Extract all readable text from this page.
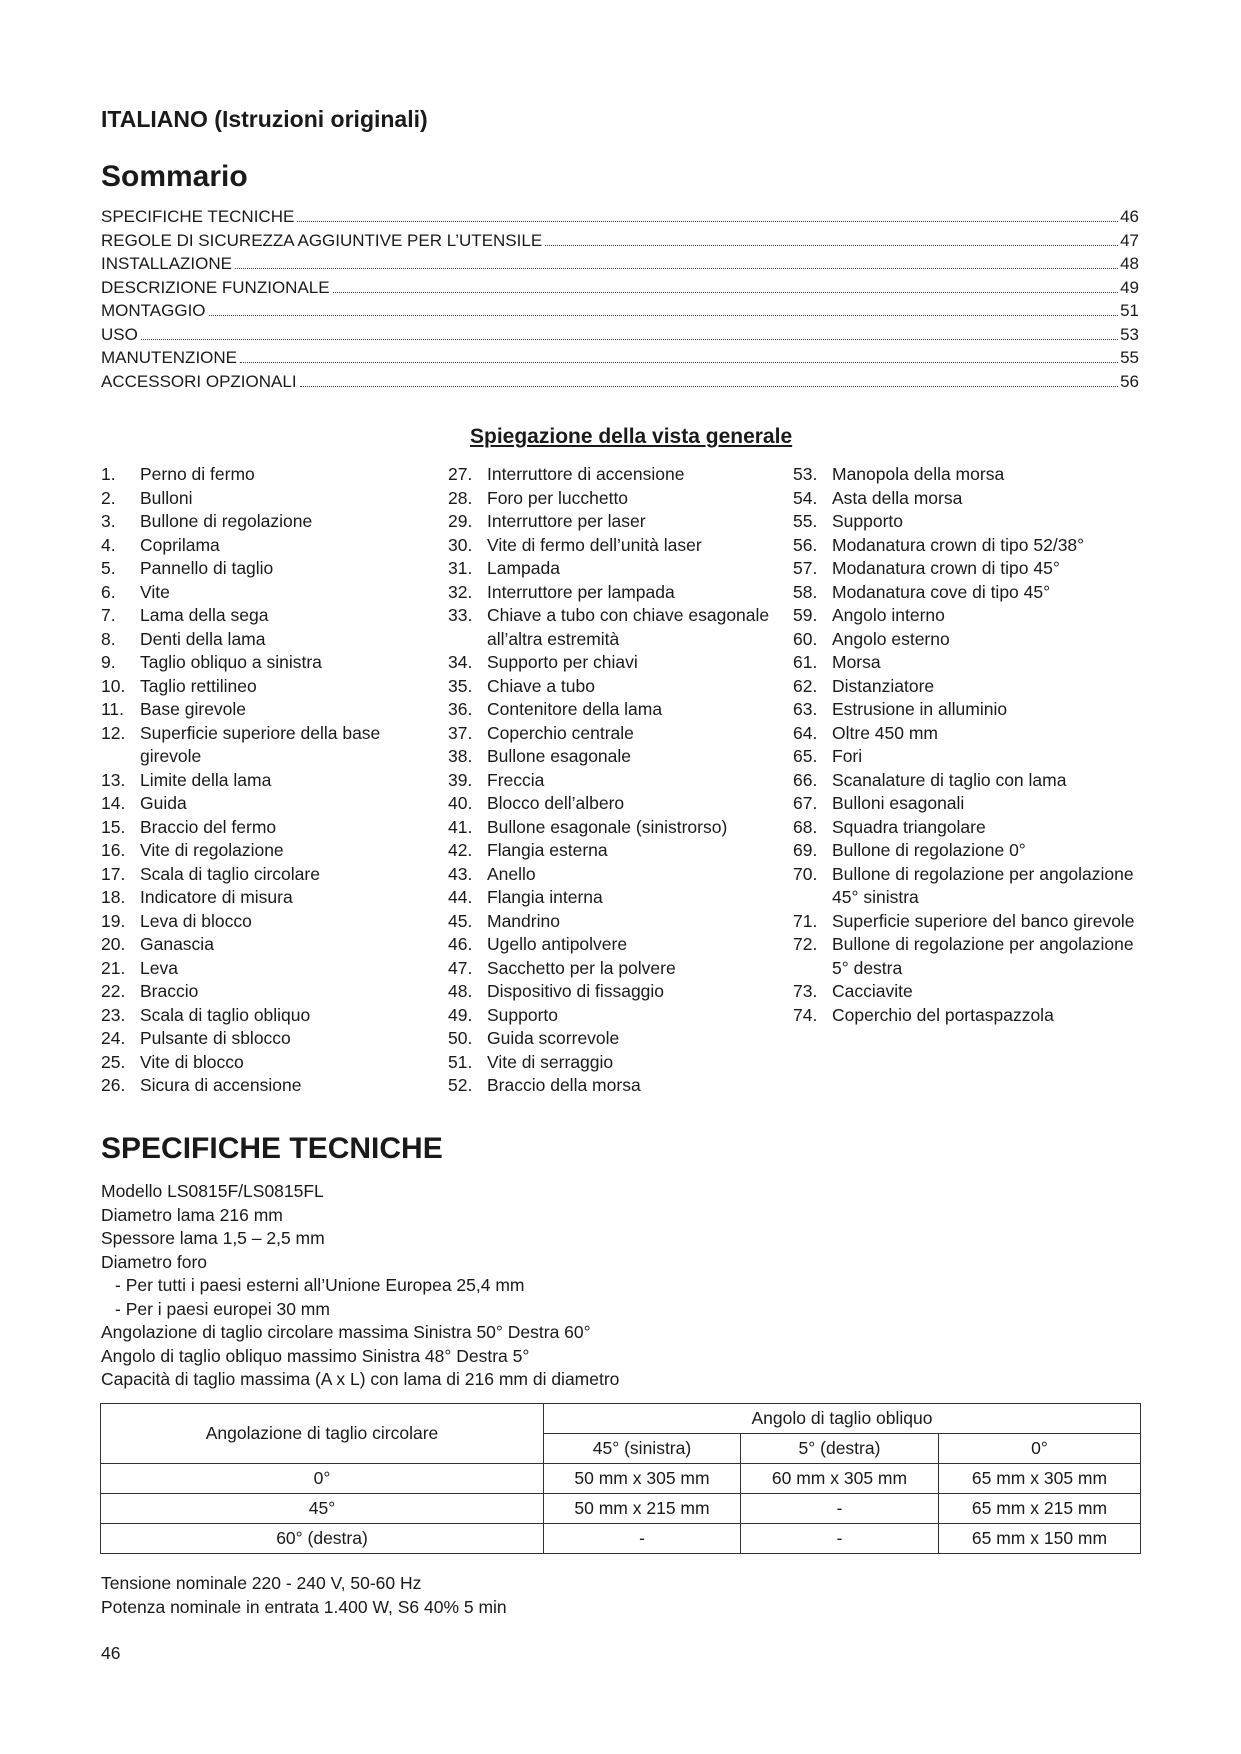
ITALIANO (Istruzioni originali)
Sommario
SPECIFICHE TECNICHE	46
REGOLE DI SICUREZZA AGGIUNTIVE PER L’UTENSILE	47
INSTALLAZIONE	48
DESCRIZIONE FUNZIONALE	49
MONTAGGIO	51
USO	53
MANUTENZIONE	55
ACCESSORI OPZIONALI	56
Spiegazione della vista generale
1.	Perno di fermo
2.	Bulloni
3.	Bullone di regolazione
4.	Coprilama
5.	Pannello di taglio
6.	Vite
7.	Lama della sega
8.	Denti della lama
9.	Taglio obliquo a sinistra
10. Taglio rettilineo
11. Base girevole
12. Superficie superiore della base girevole
13. Limite della lama
14. Guida
15. Braccio del fermo
16. Vite di regolazione
17. Scala di taglio circolare
18. Indicatore di misura
19. Leva di blocco
20. Ganascia
21. Leva
22. Braccio
23. Scala di taglio obliquo
24. Pulsante di sblocco
25. Vite di blocco
26. Sicura di accensione
27. Interruttore di accensione
28. Foro per lucchetto
29. Interruttore per laser
30. Vite di fermo dell’unità laser
31. Lampada
32. Interruttore per lampada
33. Chiave a tubo con chiave esagonale all’altra estremità
34. Supporto per chiavi
35. Chiave a tubo
36. Contenitore della lama
37. Coperchio centrale
38. Bullone esagonale
39. Freccia
40. Blocco dell’albero
41. Bullone esagonale (sinistrorso)
42. Flangia esterna
43. Anello
44. Flangia interna
45. Mandrino
46. Ugello antipolvere
47. Sacchetto per la polvere
48. Dispositivo di fissaggio
49. Supporto
50. Guida scorrevole
51. Vite di serraggio
52. Braccio della morsa
53. Manopola della morsa
54. Asta della morsa
55. Supporto
56. Modanatura crown di tipo 52/38°
57. Modanatura crown di tipo 45°
58. Modanatura cove di tipo 45°
59. Angolo interno
60. Angolo esterno
61. Morsa
62. Distanziatore
63. Estrusione in alluminio
64. Oltre 450 mm
65. Fori
66. Scanalature di taglio con lama
67. Bulloni esagonali
68. Squadra triangolare
69. Bullone di regolazione 0°
70. Bullone di regolazione per angolazione 45° sinistra
71. Superficie superiore del banco girevole
72. Bullone di regolazione per angolazione 5° destra
73. Cacciavite
74. Coperchio del portaspazzola
SPECIFICHE TECNICHE
Modello LS0815F/LS0815FL
Diametro lama 216 mm
Spessore lama 1,5 – 2,5 mm
Diametro foro
- Per tutti i paesi esterni all’Unione Europea 25,4 mm
- Per i paesi europei 30 mm
Angolazione di taglio circolare massima Sinistra 50° Destra 60°
Angolo di taglio obliquo massimo Sinistra 48° Destra 5°
Capacità di taglio massima (A x L) con lama di 216 mm di diametro
Angolazione di taglio circolare	Angolo di taglio obliquo		
	45° (sinistra)	5° (destra)	0°
0°	50 mm x 305 mm	60 mm x 305 mm	65 mm x 305 mm
45°	50 mm x 215 mm	-	65 mm x 215 mm
60° (destra)	-	-	65 mm x 150 mm
Tensione nominale 220 - 240 V, 50-60 Hz
Potenza nominale in entrata 1.400 W, S6 40% 5 min
46
